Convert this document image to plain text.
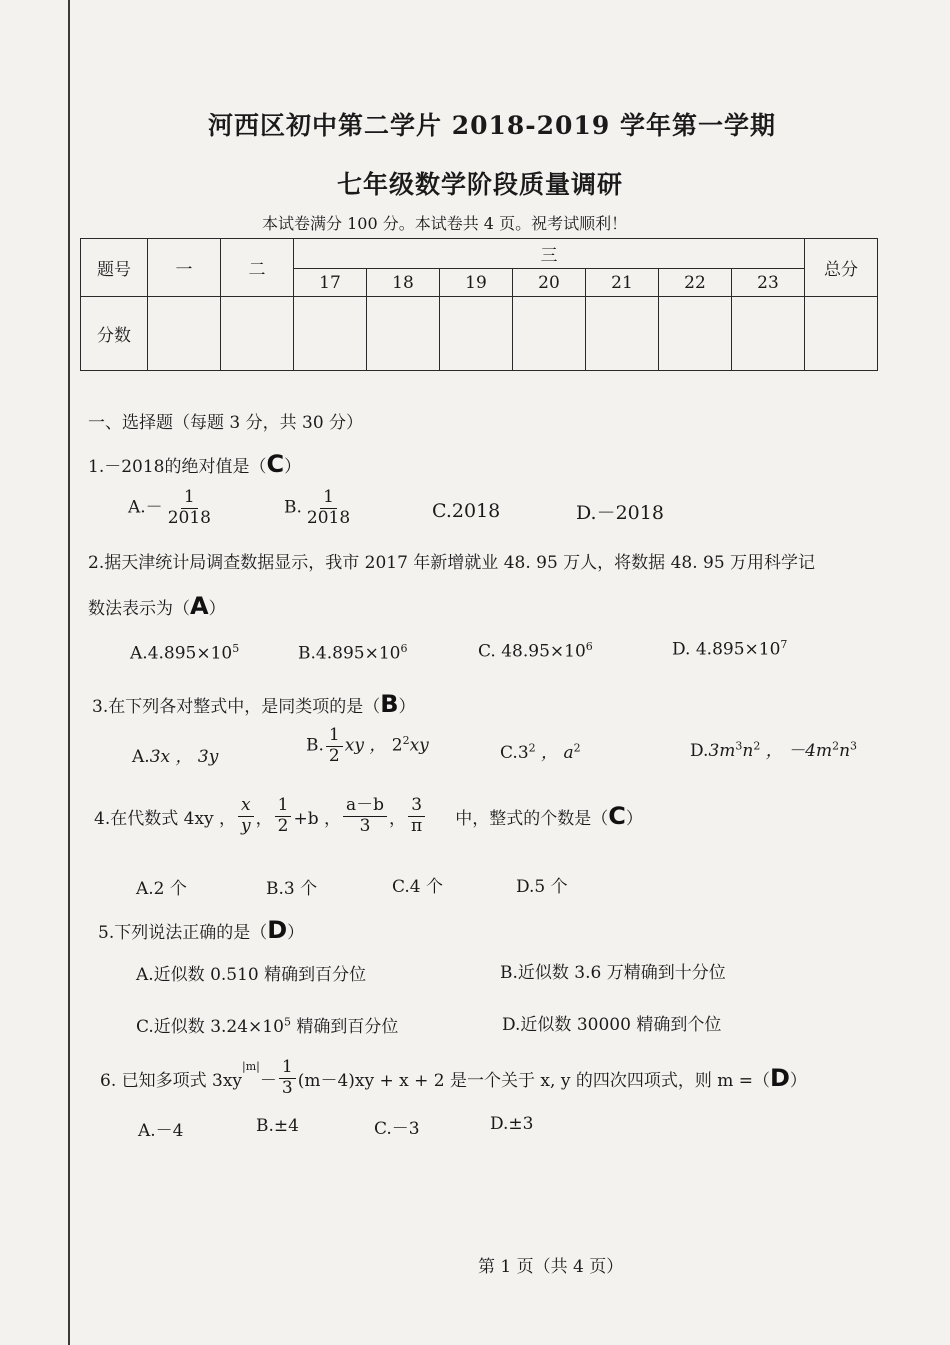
河西区初中第二学片 2018-2019 学年第一学期
七年级数学阶段质量调研
本试卷满分 100 分。本试卷共 4 页。祝考试顺利！
题号	一	二	三							总分
			17	18	19	20	21	22	23	
分数										
一、选择题（每题 3 分，共 30 分）
1.－2018的绝对值是（C）
$A.- \frac{1}{2018}$	B. $\frac{1}{2018}$	C.2018	D.－2018
2.据天津统计局调查数据显示，我市 2017 年新增就业 48. 95 万人，将数据 48. 95 万用科学记
数法表示为（A）
$A.4.895\times 10^5$	$B.4.895\times 10^6$	C. $48.95\times 10^6$	D. $4.895\times 10^7$
3.在下列各对整式中，是同类项的是（B）
A.3x ， 3y
B. $\frac{1}{2}$ xy ， $2^2xy$	$C.3^2$ ， $a^2$	$D.3m^3n^2$ ， $-4m^2n^3$
4.在代数式 4xy ， $\frac{x}{y}$ ， $\frac{1}{2} +b$ ， $\frac{a-b}{3}$ ， $\frac{3}{\pi}$ 中，整式的个数是（ C ）
A.2 个	B.3 个	C.4 个	D.5 个
5.下列说法正确的是（D）
A.近似数 0.510 精确到百分位	B.近似数 3.6 万精确到十分位
C.近似数 $3.24\times 10^5$ 精确到百分位	D.近似数 30000 精确到个位
6. 已知多项式 3xy
$^{|m|}$
－ $\frac{1}{3} (m-4)xy + x + 2$ 是一个关于 x, y 的四次四项式，则 m =（ D ）
A.－4	B.±4	C.－3	D.±3
第 1 页（共 4 页）
